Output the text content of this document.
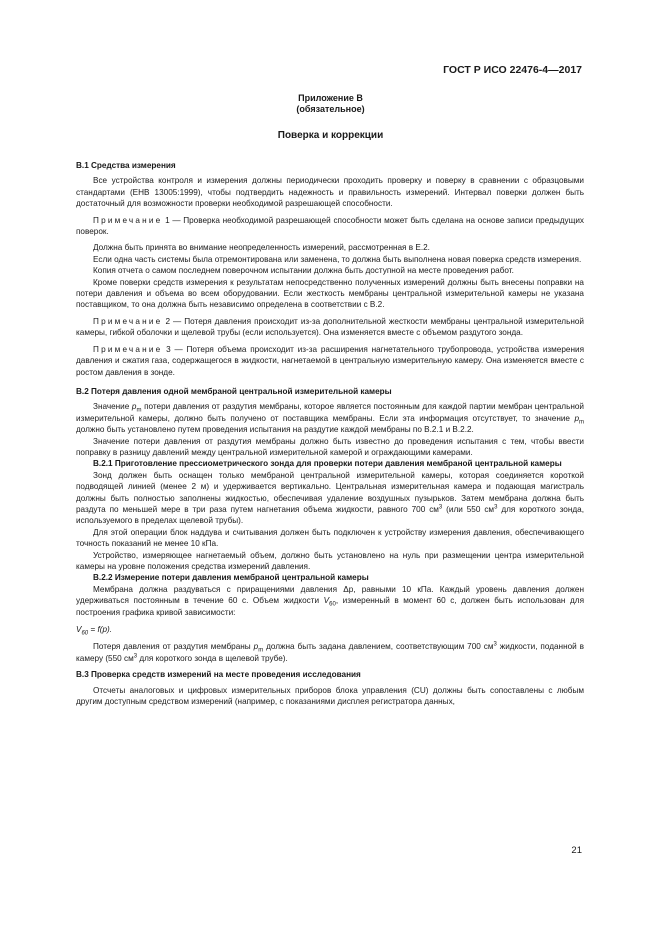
ГОСТ Р ИСО 22476-4—2017
Приложение В
(обязательное)
Поверка и коррекции

В.1 Средства измерения

Все устройства контроля и измерения должны периодически проходить проверку и поверку в сравнении с образцовыми стандартами (ЕНВ 13005:1999), чтобы подтвердить надежность и правильность измерений. Интервал поверки должен быть достаточный для возможности проверки необходимой разрешающей способности.

Примечание 1 — Проверка необходимой разрешающей способности может быть сделана на основе записи предыдущих поверок.

Должна быть принята во внимание неопределенность измерений, рассмотренная в Е.2.

Если одна часть системы была отремонтирована или заменена, то должна быть выполнена новая поверка средств измерения.

Копия отчета о самом последнем поверочном испытании должна быть доступной на месте проведения работ.

Кроме поверки средств измерения к результатам непосредственно полученных измерений должны быть внесены поправки на потери давления и объема во всем оборудовании. Если жесткость мембраны центральной измерительной камеры не указана поставщиком, то она должна быть независимо определена в соответствии с В.2.

Примечание 2 — Потеря давления происходит из-за дополнительной жесткости мембраны центральной измерительной камеры, гибкой оболочки и щелевой трубы (если используется). Она изменяется вместе с объемом раздутого зонда.

Примечание 3 — Потеря объема происходит из-за расширения нагнетательного трубопровода, устройства измерения давления и сжатия газа, содержащегося в жидкости, нагнетаемой в центральную измерительную камеру. Она изменяется вместе с ростом давления в зонде.

В.2 Потеря давления одной мембраной центральной измерительной камеры

Значение $p_m$ потери давления от раздутия мембраны, которое является постоянным для каждой партии мембран центральной измерительной камеры, должно быть получено от поставщика мембраны. Если эта информация отсутствует, то значение $p_m$ должно быть установлено путем проведения испытания на раздутие каждой мембраны по В.2.1 и В.2.2.

Значение потери давления от раздутия мембраны должно быть известно до проведения испытания с тем, чтобы ввести поправку в разницу давлений между центральной измерительной камерой и ограждающими камерами.

В.2.1 Приготовление прессиометрического зонда для проверки потери давления мембраной центральной камеры

Зонд должен быть оснащен только мембраной центральной измерительной камеры, которая соединяется короткой подводящей линией (менее 2 м) и удерживается вертикально. Центральная измерительная камера и подающая магистраль должны быть полностью заполнены жидкостью, обеспечивая удаление воздушных пузырьков. Затем мембрана должна быть раздута по меньшей мере в три раза путем нагнетания объема жидкости, равного 700 $см^3$ (или 550 $см^3$ для короткого зонда, используемого в пределах щелевой трубы).

Для этой операции блок наддува и считывания должен быть подключен к устройству измерения давления, обеспечивающего точность показаний не менее 10 кПа.

Устройство, измеряющее нагнетаемый объем, должно быть установлено на нуль при размещении центра измерительной камеры на уровне положения средства измерений давления.

В.2.2 Измерение потери давления мембраной центральной камеры

Мембрана должна раздуваться с приращениями давления Δp, равными 10 кПа. Каждый уровень давления должен удерживаться постоянным в течение 60 с. Объем жидкости $V_{60}$, измеренный в момент 60 с, должен быть использован для построения графика кривой зависимости:

$V_{60} = f(p)$.

Потеря давления от раздутия мембраны $p_m$ должна быть задана давлением, соответствующим 700 $см^3$ жидкости, поданной в камеру (550 $см^3$ для короткого зонда в щелевой трубе).

В.3 Проверка средств измерений на месте проведения исследования

Отсчеты аналоговых и цифровых измерительных приборов блока управления (CU) должны быть сопоставлены с любым другим доступным средством измерений (например, с показаниями дисплея регистратора данных,

21
